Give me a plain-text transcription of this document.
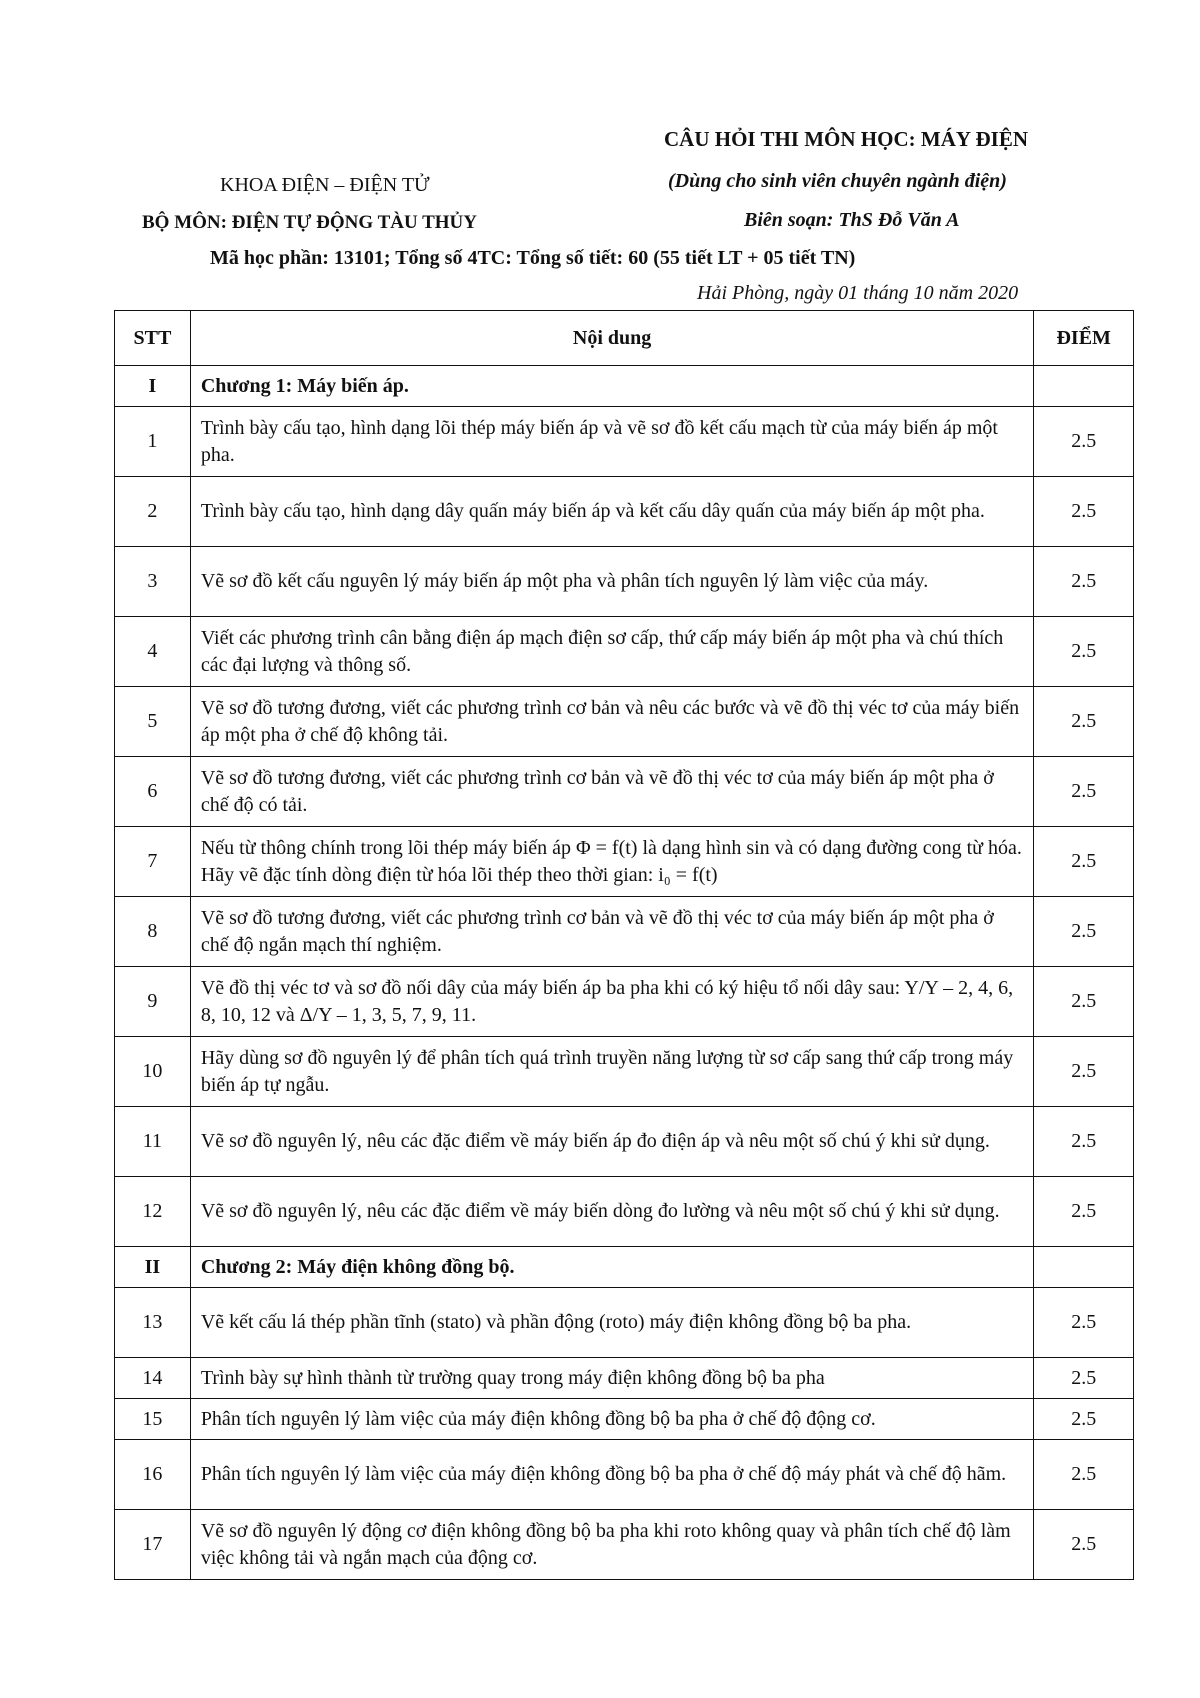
CÂU HỎI THI MÔN HỌC: MÁY ĐIỆN
(Dùng cho sinh viên chuyên ngành điện)
Biên soạn: ThS Đỗ Văn A
KHOA ĐIỆN – ĐIỆN TỬ
BỘ MÔN: ĐIỆN TỰ ĐỘNG TÀU THỦY
Mã học phần: 13101; Tổng số 4TC: Tổng số tiết: 60 (55 tiết LT + 05 tiết TN)
Hải Phòng, ngày 01 tháng 10 năm 2020
STT	Nội dung	ĐIỂM
I	Chương 1: Máy biến áp.	
1	Trình bày cấu tạo, hình dạng lõi thép máy biến áp và vẽ sơ đồ kết cấu mạch từ của máy biến áp một pha.	2.5
2	Trình bày cấu tạo, hình dạng dây quấn máy biến áp và kết cấu dây quấn của máy biến áp một pha.	2.5
3	Vẽ sơ đồ kết cấu nguyên lý máy biến áp một pha và phân tích nguyên lý làm việc của máy.	2.5
4	Viết các phương trình cân bằng điện áp mạch điện sơ cấp, thứ cấp máy biến áp một pha và chú thích các đại lượng và thông số.	2.5
5	Vẽ sơ đồ tương đương, viết các phương trình cơ bản và nêu các bước và vẽ đồ thị véc tơ của máy biến áp một pha ở chế độ không tải.	2.5
6	Vẽ sơ đồ tương đương, viết các phương trình cơ bản và vẽ đồ thị véc tơ của máy biến áp một pha ở chế độ có tải.	2.5
7	Nếu từ thông chính trong lõi thép máy biến áp Φ = f(t) là dạng hình sin và có dạng đường cong từ hóa. Hãy vẽ đặc tính dòng điện từ hóa lõi thép theo thời gian: i₀ = f(t)	2.5
8	Vẽ sơ đồ tương đương, viết các phương trình cơ bản và vẽ đồ thị véc tơ của máy biến áp một pha ở chế độ ngắn mạch thí nghiệm.	2.5
9	Vẽ đồ thị véc tơ và sơ đồ nối dây của máy biến áp ba pha khi có ký hiệu tổ nối dây sau: Y/Y – 2, 4, 6, 8, 10, 12 và Δ/Y – 1, 3, 5, 7, 9, 11.	2.5
10	Hãy dùng sơ đồ nguyên lý để phân tích quá trình truyền năng lượng từ sơ cấp sang thứ cấp trong máy biến áp tự ngẫu.	2.5
11	Vẽ sơ đồ nguyên lý, nêu các đặc điểm về máy biến áp đo điện áp và nêu một số chú ý khi sử dụng.	2.5
12	Vẽ sơ đồ nguyên lý, nêu các đặc điểm về máy biến dòng đo lường và nêu một số chú ý khi sử dụng.	2.5
II	Chương 2: Máy điện không đồng bộ.	
13	Vẽ kết cấu lá thép phần tĩnh (stato) và phần động (roto) máy điện không đồng bộ ba pha.	2.5
14	Trình bày sự hình thành từ trường quay trong máy điện không đồng bộ ba pha	2.5
15	Phân tích nguyên lý làm việc của máy điện không đồng bộ ba pha ở chế độ động cơ.	2.5
16	Phân tích nguyên lý làm việc của máy điện không đồng bộ ba pha ở chế độ máy phát và chế độ hãm.	2.5
17	Vẽ sơ đồ nguyên lý động cơ điện không đồng bộ ba pha khi roto không quay và phân tích chế độ làm việc không tải và ngắn mạch của động cơ.	2.5
